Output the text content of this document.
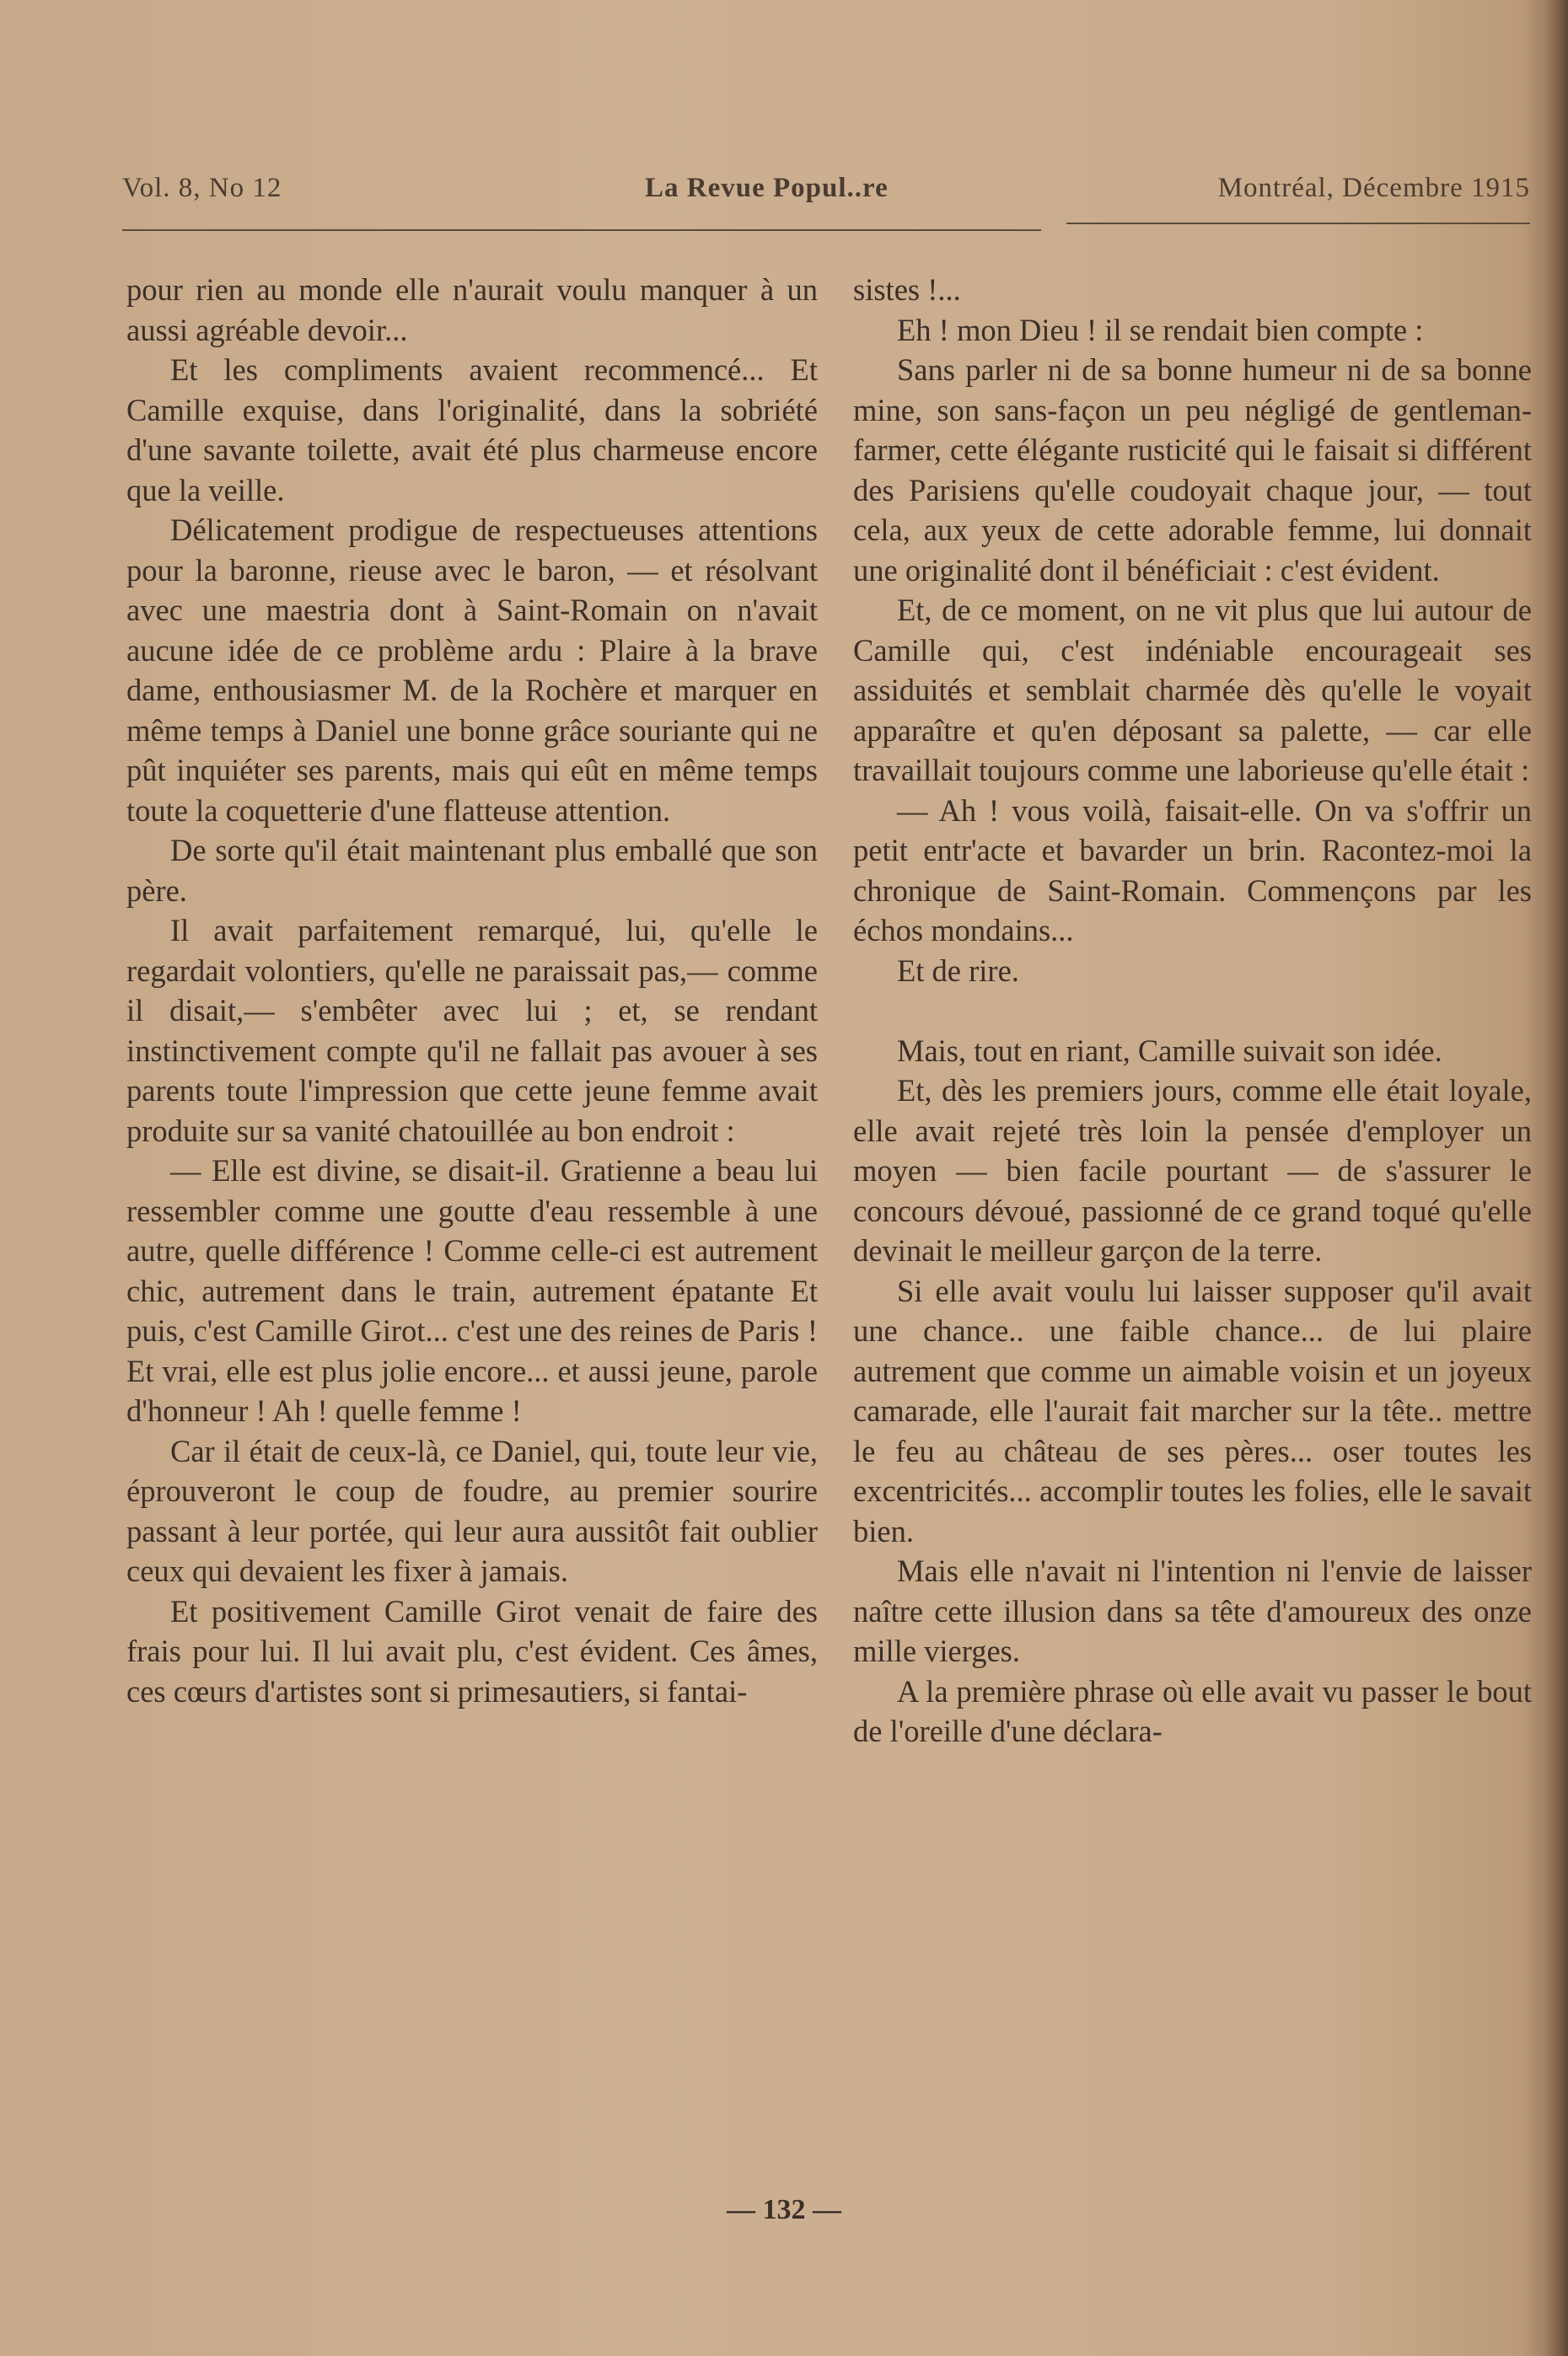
Vol. 8, No 12	La Revue Popul..re	Montréal, Décembre 1915

pour rien au monde elle n'aurait voulu manquer à un aussi agréable devoir...

Et les compliments avaient recommencé... Et Camille exquise, dans l'originalité, dans la sobriété d'une savante toilette, avait été plus charmeuse encore que la veille.

Délicatement prodigue de respectueuses attentions pour la baronne, rieuse avec le baron, — et résolvant avec une maestria dont à Saint-Romain on n'avait aucune idée de ce problème ardu : Plaire à la brave dame, enthousiasmer M. de la Rochère et marquer en même temps à Daniel une bonne grâce souriante qui ne pût inquiéter ses parents, mais qui eût en même temps toute la coquetterie d'une flatteuse attention.

De sorte qu'il était maintenant plus emballé que son père.

Il avait parfaitement remarqué, lui, qu'elle le regardait volontiers, qu'elle ne paraissait pas,— comme il disait,— s'embêter avec lui ; et, se rendant instinctivement compte qu'il ne fallait pas avouer à ses parents toute l'impression que cette jeune femme avait produite sur sa vanité chatouillée au bon endroit :

— Elle est divine, se disait-il. Gratienne a beau lui ressembler comme une goutte d'eau ressemble à une autre, quelle différence ! Comme celle-ci est autrement chic, autrement dans le train, autrement épatante Et puis, c'est Camille Girot... c'est une des reines de Paris ! Et vrai, elle est plus jolie encore... et aussi jeune, parole d'honneur ! Ah ! quelle femme !

Car il était de ceux-là, ce Daniel, qui, toute leur vie, éprouveront le coup de foudre, au premier sourire passant à leur portée, qui leur aura aussitôt fait oublier ceux qui devaient les fixer à jamais.

Et positivement Camille Girot venait de faire des frais pour lui. Il lui avait plu, c'est évident. Ces âmes, ces cœurs d'artistes sont si primesautiers, si fantai-

sistes !...

Eh ! mon Dieu ! il se rendait bien compte :

Sans parler ni de sa bonne humeur ni de sa bonne mine, son sans-façon un peu négligé de gentleman-farmer, cette élégante rusticité qui le faisait si différent des Parisiens qu'elle coudoyait chaque jour, — tout cela, aux yeux de cette adorable femme, lui donnait une originalité dont il bénéficiait : c'est évident.

Et, de ce moment, on ne vit plus que lui autour de Camille qui, c'est indéniable encourageait ses assiduités et semblait charmée dès qu'elle le voyait apparaître et qu'en déposant sa palette, — car elle travaillait toujours comme une laborieuse qu'elle était :

— Ah ! vous voilà, faisait-elle. On va s'offrir un petit entr'acte et bavarder un brin. Racontez-moi la chronique de Saint-Romain. Commençons par les échos mondains...

Et de rire.

Mais, tout en riant, Camille suivait son idée.

Et, dès les premiers jours, comme elle était loyale, elle avait rejeté très loin la pensée d'employer un moyen — bien facile pourtant — de s'assurer le concours dévoué, passionné de ce grand toqué qu'elle devinait le meilleur garçon de la terre.

Si elle avait voulu lui laisser supposer qu'il avait une chance.. une faible chance... de lui plaire autrement que comme un aimable voisin et un joyeux camarade, elle l'aurait fait marcher sur la tête.. mettre le feu au château de ses pères... oser toutes les excentricités... accomplir toutes les folies, elle le savait bien.

Mais elle n'avait ni l'intention ni l'envie de laisser naître cette illusion dans sa tête d'amoureux des onze mille vierges.

A la première phrase où elle avait vu passer le bout de l'oreille d'une déclara-

— 132 —
